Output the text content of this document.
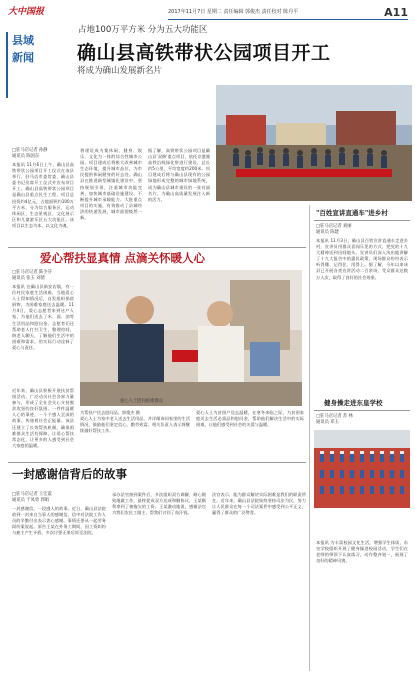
大中国报
县域
新闻
2017年11月7日 星期二 责任编辑 郭俊杰 责任校对 陈丹平	A11
占地100万平方米 分为五大功能区
确山县高铁带状公园项目开工
将成为确山发展新名片
□驻马店记者 孙静
通讯员 陈国东
本报讯 11月6日上午，确山县高铁带状公园项目开工仪式在该县举行。驻马店市委常委、确山县委书记出席开工仪式并宣布项目开工。确山县高铁带状公园项目是确山县重点民生工程，项目总投资约4亿元，占地面积约100万平方米，分为综合服务区、运动休闲区、生态景观区、文化展示区和儿童游乐区五大功能区。该项目以生态为本，以文化为魂，
将建设成为集休闲、健身、娱乐、文化为一体的综合性城市公园。项目建成后将极大改善城市生态环境，提升城市品位，为市民提供休闲健身的好去处。确山县在推进新型城镇化建设中，坚持规划引领，注重城市功能完善，加快城市基础设施建设，不断提升城市承载能力。大批重点项目的实施，有效推动了县域经济的快速发展，城市面貌焕然一新。
据了解，高铁带状公园项目是确山县'双修'重点项目，依托京港澳高铁沿线绿化带进行建设，总长约5公里，平均宽度约200米。项目建成后将与确山县现有的公园绿地形成完整的城市绿地系统，成为确山县城市建设的一张亮丽名片，为确山高质量发展注入新的活力。
爱心帮扶显真情 点滴关怀暖人心
□驻马店记者 陈少芬
通讯员 张玉 刘倩
本报讯 在确山县新安店镇，有一位村民家庭生活困难，当地爱心人士得知情况后，自发组织捐款捐物，为困难家庭送去温暖。11月4日，爱心志愿者来到这户人家，为他们送去了米、面、油等生活用品和慰问金。志愿者们还帮助老人打扫卫生，整理房间，陪老人聊天，了解他们生活中的困难和需求，用实际行动诠释了爱心与责任。
近年来，确山县积极开展扶贫帮困活动，广泛动员社会各界力量参与，形成了全社会关心支持脱贫攻坚的良好氛围。一件件温暖人心的事迹，一个个感人至深的故事，传递着社会正能量。该县还建立了长效帮扶机制，确保困难群众生活有保障，让爱心帮扶常态化，让更多的人感受到社会大家庭的温暖。
爱心人士慰问困难群众
为帮扶户送去慰问品。郭俊杰 摄
爱心人士为家中老人送去生活用品，并详细询问家里的生活情况，鼓励他们坚定信心，勤劳致富。相关负责人表示将继续做好帮扶工作。
爱心人士为贫困户送去温暖，在寒冬来临之际，为贫困家庭送去生活必需品和慰问金，帮助他们解决生活中的实际困难，让他们感受到社会的关爱与温暖。
一封感谢信背后的故事
□驻马店记者 王宏震
通讯员 于凤勇 郭娟
一封感谢信，一段感人的故事。近日，确山县法院收到一封来自当事人的感谢信，信中对法院工作人员的辛勤付出表示衷心感谢。事情还要从一起劳务纠纷案说起。原告王某在外务工期间，因工资纠纷与雇主产生矛盾，多次讨要无果后诉至法院。
承办法官接到案件后，多次组织双方调解，耐心细致地做工作，最终促成双方达成和解协议，王某顺利拿到了被拖欠的工资。王某激动地说，感谢法官为我们农民工做主，帮我们讨回了血汗钱。
法官表示，能为群众解决实际困难是我们的职责所在。近年来，确山县法院始终坚持司法为民，努力让人民群众在每一个司法案件中感受到公平正义，赢得了群众的广泛赞誉。
"百姓宣讲直通车"进乡村
□驻马店记者 刘丽
通讯员 陈建
本报讯 11月3日，确山县百姓宣讲直通车走进乡村，宣讲员用群众喜闻乐见的方式，把党的十九大精神送到田间地头。宣讲员们深入浅出地讲解了十九大报告中的惠民政策，现场群众纷纷表示听得懂、记得住、用得上。据了解，今年以来该县已开展各类宣讲活动二百余场，受众群众达数万人次，取得了良好的社会效果。
健身操走进东皇学校
□驻马店记者 苏 林
通讯员 邓玉
本报讯 为丰富校园文化生活，增强学生体质，东皇学校组织开展了健身操进校园活动，学生们在老师的带领下认真练习，动作整齐划一，展现了良好的精神风貌。
